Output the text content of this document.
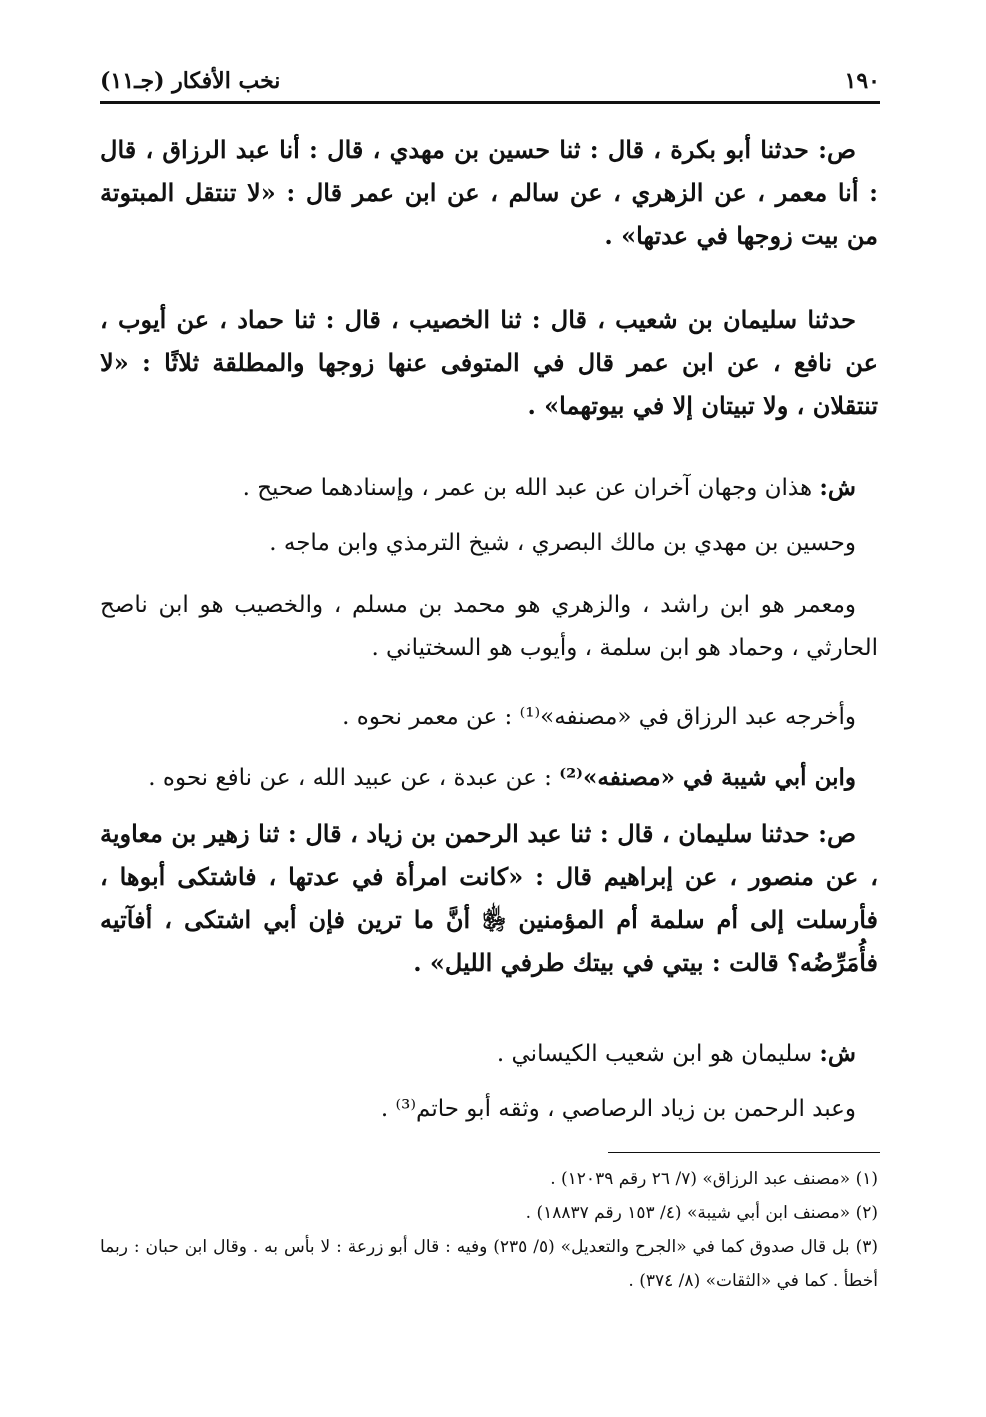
١٩٠
نخب الأفكار (جـ١١)

ص: حدثنا أبو بكرة ، قال : ثنا حسين بن مهدي ، قال : أنا عبد الرزاق ، قال : أنا معمر ، عن الزهري ، عن سالم ، عن ابن عمر قال : «لا تنتقل المبتوتة من بيت زوجها في عدتها» .

حدثنا سليمان بن شعيب ، قال : ثنا الخصيب ، قال : ثنا حماد ، عن أيوب ، عن نافع ، عن ابن عمر قال في المتوفى عنها زوجها والمطلقة ثلاثًا : «لا تنتقلان ، ولا تبيتان إلا في بيوتهما» .

ش: هذان وجهان آخران عن عبد الله بن عمر ، وإسنادهما صحيح .

وحسين بن مهدي بن مالك البصري ، شيخ الترمذي وابن ماجه .

ومعمر هو ابن راشد ، والزهري هو محمد بن مسلم ، والخصيب هو ابن ناصح الحارثي ، وحماد هو ابن سلمة ، وأيوب هو السختياني .

وأخرجه عبد الرزاق في «مصنفه»⁽¹⁾ : عن معمر نحوه .

وابن أبي شيبة في «مصنفه»⁽²⁾ : عن عبدة ، عن عبيد الله ، عن نافع نحوه .

ص: حدثنا سليمان ، قال : ثنا عبد الرحمن بن زياد ، قال : ثنا زهير بن معاوية ، عن منصور ، عن إبراهيم قال : «كانت امرأة في عدتها ، فاشتكى أبوها ، فأرسلت إلى أم سلمة أم المؤمنين ﵂ أنَّ ما ترين فإن أبي اشتكى ، أفآتيه فأُمَرِّضُه؟ قالت : بيتي في بيتك طرفي الليل» .

ش: سليمان هو ابن شعيب الكيساني .

وعبد الرحمن بن زياد الرصاصي ، وثقه أبو حاتم⁽³⁾ .

(١) «مصنف عبد الرزاق» (٧/ ٢٦ رقم ١٢٠٣٩) .

(٢) «مصنف ابن أبي شيبة» (٤/ ١٥٣ رقم ١٨٨٣٧) .

(٣) بل قال صدوق كما في «الجرح والتعديل» (٥/ ٢٣٥) وفيه : قال أبو زرعة : لا بأس به . وقال ابن حبان : ربما أخطأ . كما في «الثقات» (٨/ ٣٧٤) .
